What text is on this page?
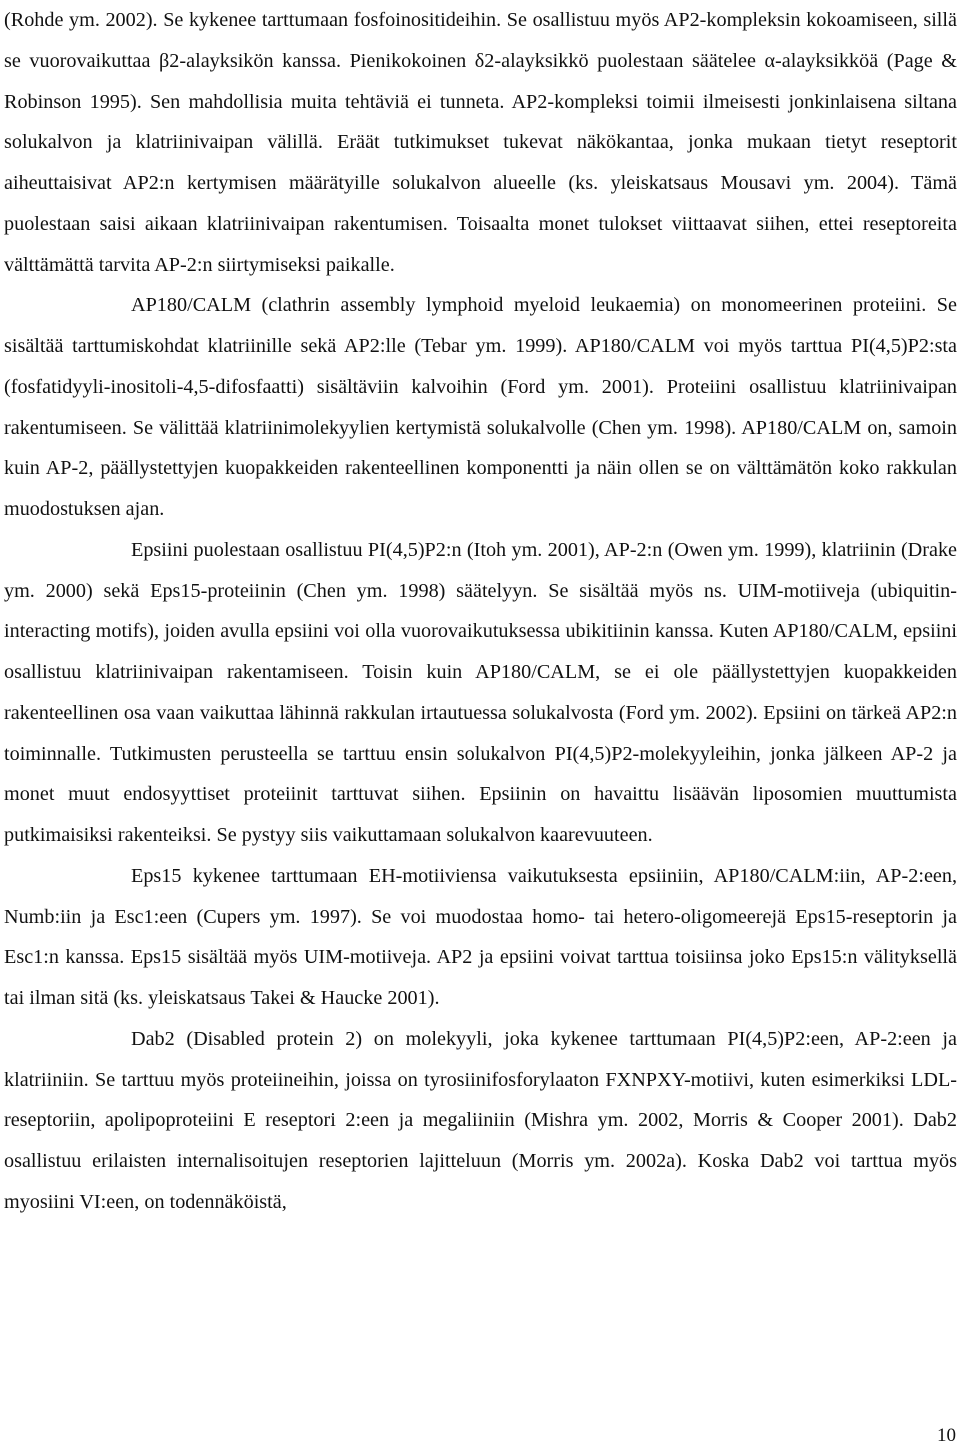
(Rohde ym. 2002). Se kykenee tarttumaan fosfoinositideihin. Se osallistuu myös AP2-kompleksin kokoamiseen, sillä se vuorovaikuttaa β2-alayksikön kanssa. Pienikokoinen δ2-alayksikkö puolestaan säätelee α-alayksikköä (Page & Robinson 1995). Sen mahdollisia muita tehtäviä ei tunneta. AP2-kompleksi toimii ilmeisesti jonkinlaisena siltana solukalvon ja klatriinivaipan välillä. Eräät tutkimukset tukevat näkökantaa, jonka mukaan tietyt reseptorit aiheuttaisivat AP2:n kertymisen määrätyille solukalvon alueelle (ks. yleiskatsaus Mousavi ym. 2004). Tämä puolestaan saisi aikaan klatriinivaipan rakentumisen. Toisaalta monet tulokset viittaavat siihen, ettei reseptoreita välttämättä tarvita AP-2:n siirtymiseksi paikalle.

AP180/CALM (clathrin assembly lymphoid myeloid leukaemia) on monomeerinen proteiini. Se sisältää tarttumiskohdat klatriinille sekä AP2:lle (Tebar ym. 1999). AP180/CALM voi myös tarttua PI(4,5)P2:sta (fosfatidyyli-inositoli-4,5-difosfaatti) sisältäviin kalvoihin (Ford ym. 2001). Proteiini osallistuu klatriinivaipan rakentumiseen. Se välittää klatriinimolekyylien kertymistä solukalvolle (Chen ym. 1998). AP180/CALM on, samoin kuin AP-2, päällystettyjen kuopakkeiden rakenteellinen komponentti ja näin ollen se on välttämätön koko rakkulan muodostuksen ajan.

Epsiini puolestaan osallistuu PI(4,5)P2:n (Itoh ym. 2001), AP-2:n (Owen ym. 1999), klatriinin (Drake ym. 2000) sekä Eps15-proteiinin (Chen ym. 1998) säätelyyn. Se sisältää myös ns. UIM-motiiveja (ubiquitin-interacting motifs), joiden avulla epsiini voi olla vuorovaikutuksessa ubikitiinin kanssa. Kuten AP180/CALM, epsiini osallistuu klatriinivaipan rakentamiseen. Toisin kuin AP180/CALM, se ei ole päällystettyjen kuopakkeiden rakenteellinen osa vaan vaikuttaa lähinnä rakkulan irtautuessa solukalvosta (Ford ym. 2002). Epsiini on tärkeä AP2:n toiminnalle. Tutkimusten perusteella se tarttuu ensin solukalvon PI(4,5)P2-molekyyleihin, jonka jälkeen AP-2 ja monet muut endosyyttiset proteiinit tarttuvat siihen. Epsiinin on havaittu lisäävän liposomien muuttumista putkimaisiksi rakenteiksi. Se pystyy siis vaikuttamaan solukalvon kaarevuuteen.

Eps15 kykenee tarttumaan EH-motiiviensa vaikutuksesta epsiiniin, AP180/CALM:iin, AP-2:een, Numb:iin ja Esc1:een (Cupers ym. 1997). Se voi muodostaa homo- tai hetero-oligomeerejä Eps15-reseptorin ja Esc1:n kanssa. Eps15 sisältää myös UIM-motiiveja. AP2 ja epsiini voivat tarttua toisiinsa joko Eps15:n välityksellä tai ilman sitä (ks. yleiskatsaus Takei & Haucke 2001).

Dab2 (Disabled protein 2) on molekyyli, joka kykenee tarttumaan PI(4,5)P2:een, AP-2:een ja klatriiniin. Se tarttuu myös proteiineihin, joissa on tyrosiinifosforylaaton FXNPXY-motiivi, kuten esimerkiksi LDL-reseptoriin, apolipoproteiini E reseptori 2:een ja megaliiniin (Mishra ym. 2002, Morris & Cooper 2001). Dab2 osallistuu erilaisten internalisoitujen reseptorien lajitteluun (Morris ym. 2002a). Koska Dab2 voi tarttua myös myosiini VI:een, on todennäköistä,

10
